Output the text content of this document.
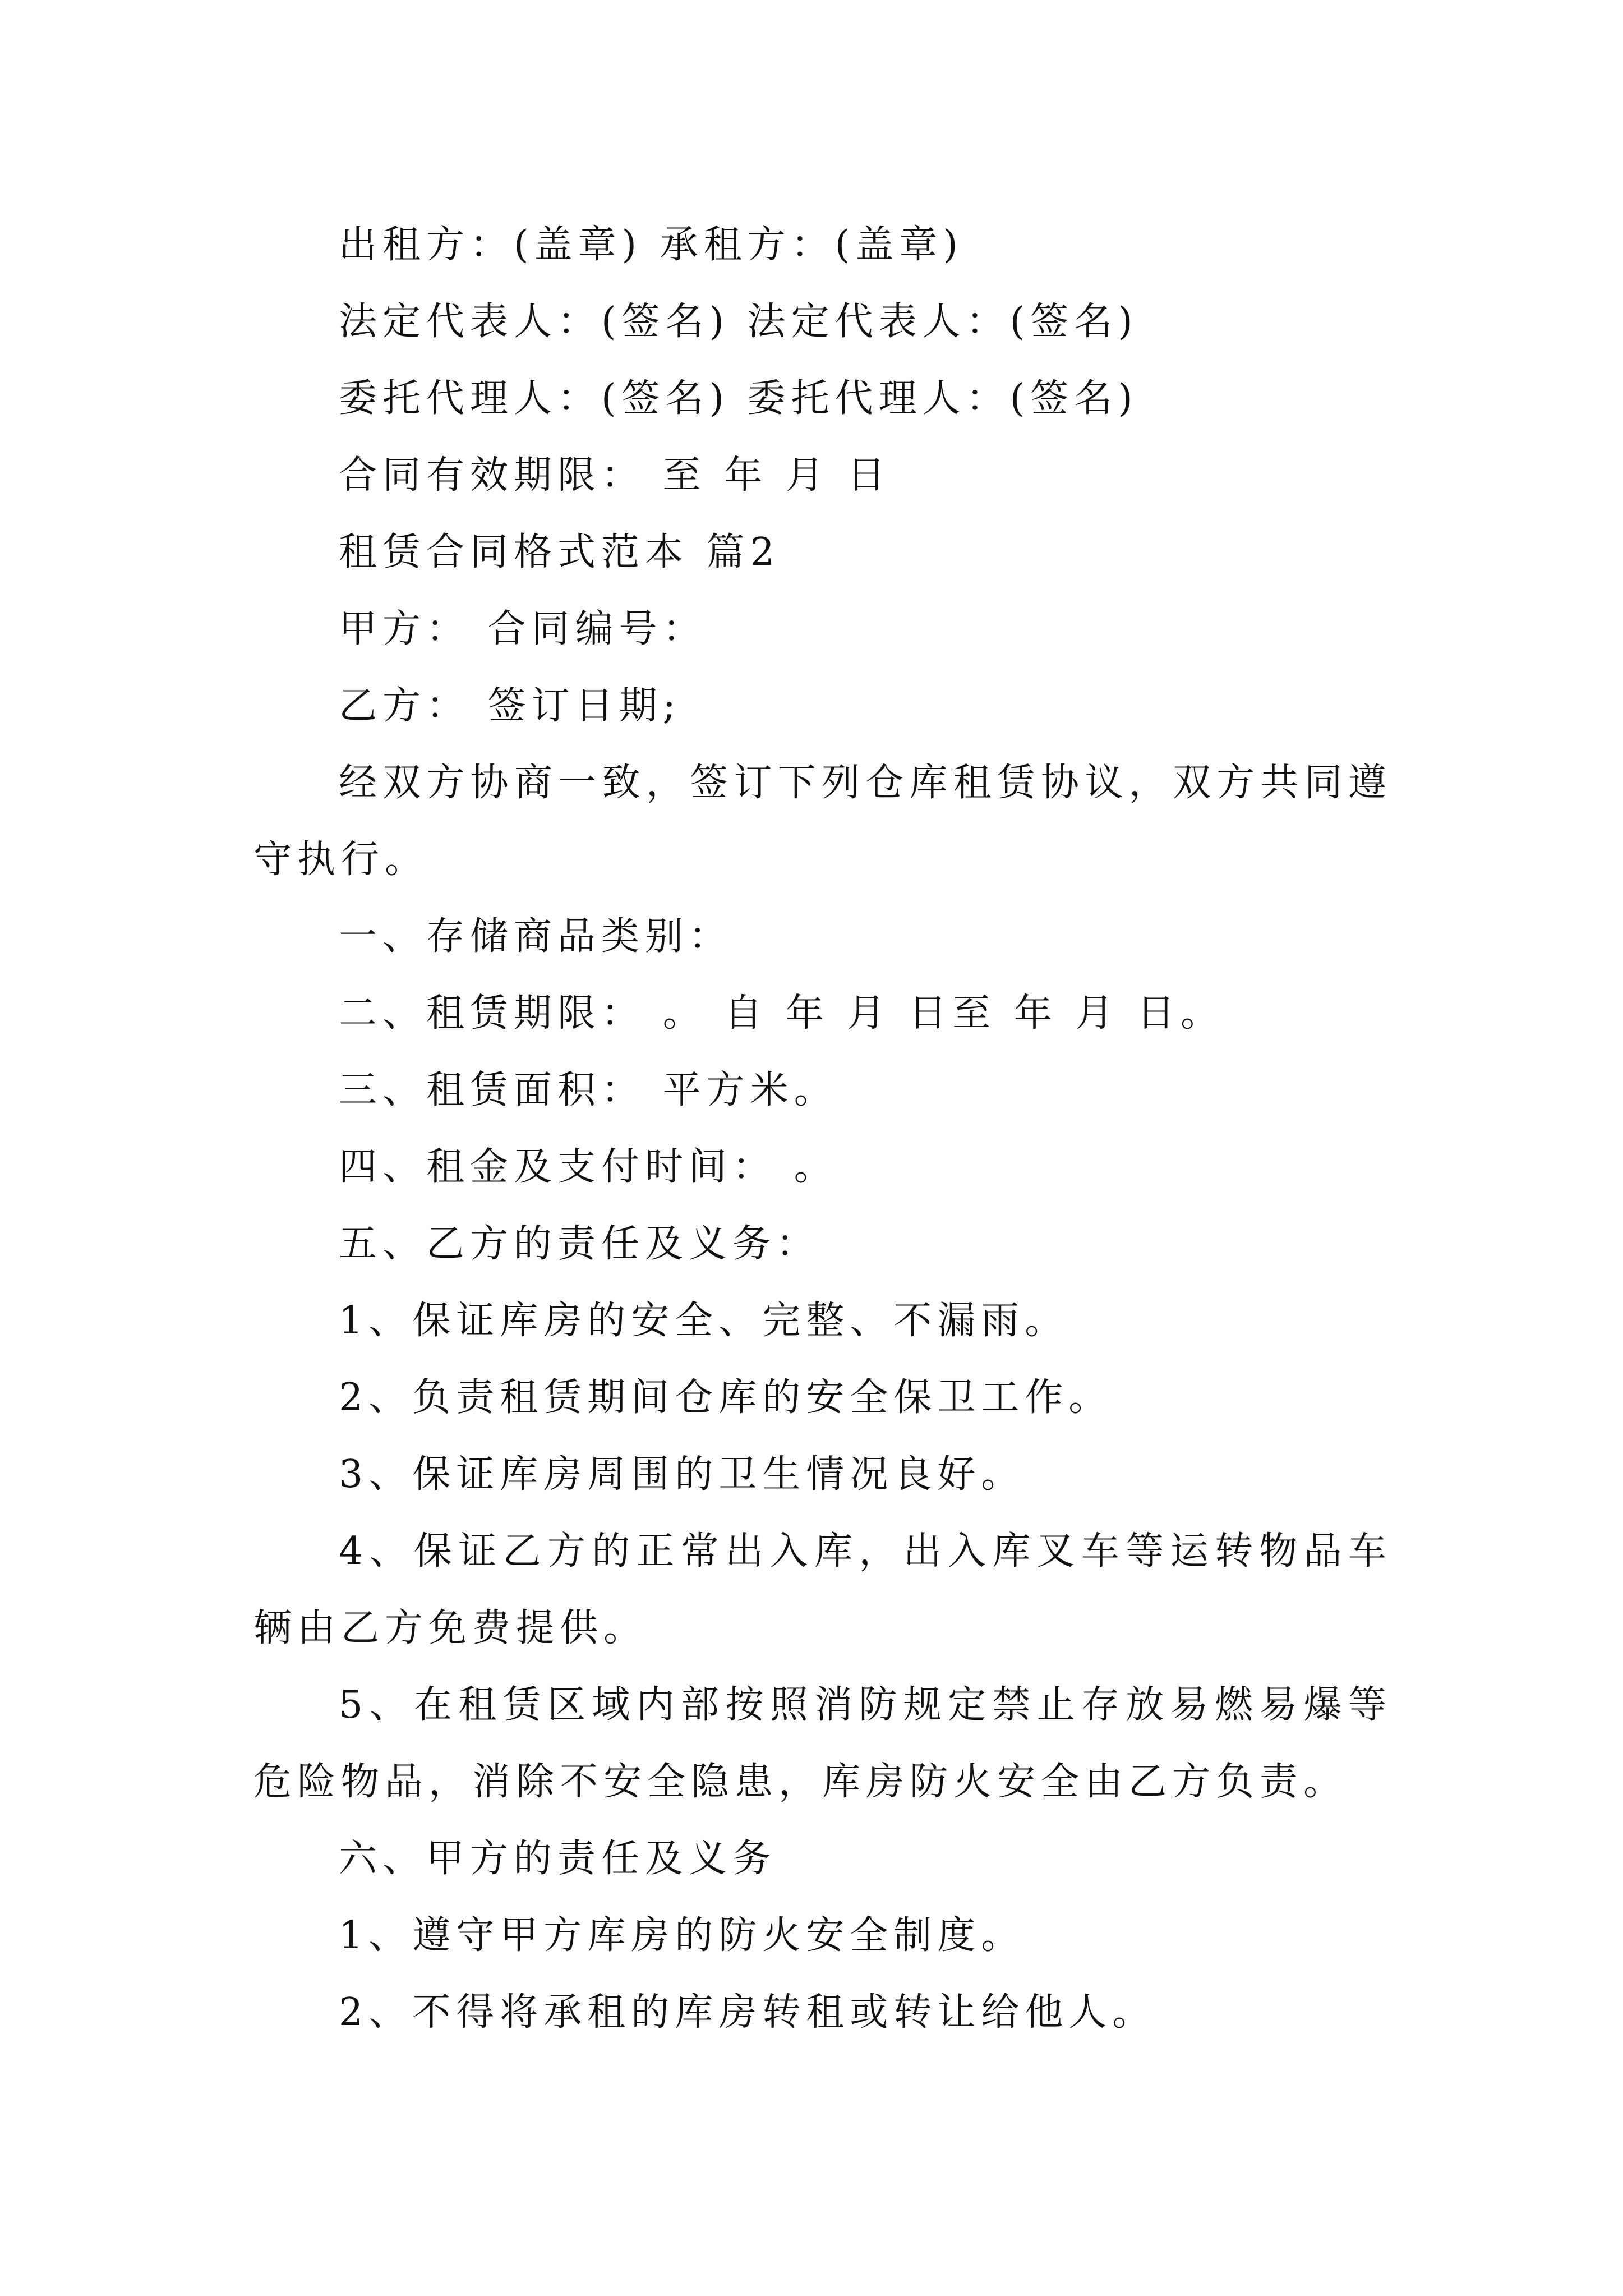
出租方：(盖章) 承租方：(盖章)
法定代表人：(签名) 法定代表人：(签名)
委托代理人：(签名) 委托代理人：(签名)
合同有效期限： 至 年 月 日
租赁合同格式范本 篇2
甲方： 合同编号：
乙方： 签订日期;
经双方协商一致，签订下列仓库租赁协议，双方共同遵守执行。
一、存储商品类别：
二、租赁期限： 。 自 年 月 日至 年 月 日。
三、租赁面积： 平方米。
四、租金及支付时间： 。
五、乙方的责任及义务：
1、保证库房的安全、完整、不漏雨。
2、负责租赁期间仓库的安全保卫工作。
3、保证库房周围的卫生情况良好。
4、保证乙方的正常出入库，出入库叉车等运转物品车辆由乙方免费提供。
5、在租赁区域内部按照消防规定禁止存放易燃易爆等危险物品，消除不安全隐患，库房防火安全由乙方负责。
六、甲方的责任及义务
1、遵守甲方库房的防火安全制度。
2、不得将承租的库房转租或转让给他人。
